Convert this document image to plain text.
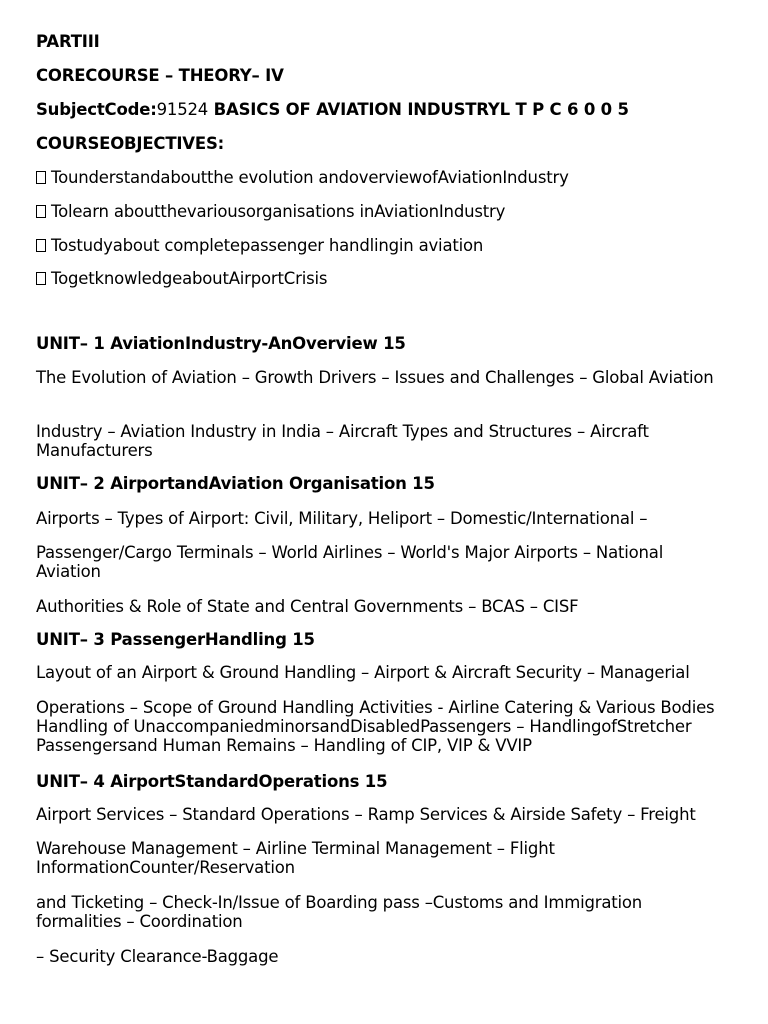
PARTIII

CORECOURSE – THEORY– IV

SubjectCode:91524 BASICS OF AVIATION INDUSTRYL T P C 6 0 0 5

COURSEOBJECTIVES:

Tounderstandaboutthe evolution andoverviewofAviationIndustry

Tolearn aboutthevariousorganisations inAviationIndustry

Tostudyabout completepassenger handlingin aviation

TogetknowledgeaboutAirportCrisis

UNIT– 1 AviationIndustry-AnOverview 15

The Evolution of Aviation – Growth Drivers – Issues and Challenges – Global Aviation

Industry – Aviation Industry in India – Aircraft Types and Structures – Aircraft Manufacturers

UNIT– 2 AirportandAviation Organisation 15

Airports – Types of Airport: Civil, Military, Heliport – Domestic/International –

Passenger/Cargo Terminals – World Airlines – World's Major Airports – National Aviation

Authorities & Role of State and Central Governments – BCAS – CISF

UNIT– 3 PassengerHandling 15

Layout of an Airport & Ground Handling – Airport & Aircraft Security – Managerial

Operations – Scope of Ground Handling Activities - Airline Catering & Various Bodies Handling of UnaccompaniedminorsandDisabledPassengers – HandlingofStretcher Passengersand Human Remains – Handling of CIP, VIP & VVIP

UNIT– 4 AirportStandardOperations 15

Airport Services – Standard Operations – Ramp Services & Airside Safety – Freight

Warehouse Management – Airline Terminal Management – Flight InformationCounter/Reservation

and Ticketing – Check-In/Issue of Boarding pass –Customs and Immigration formalities – Coordination

– Security Clearance-Baggage
